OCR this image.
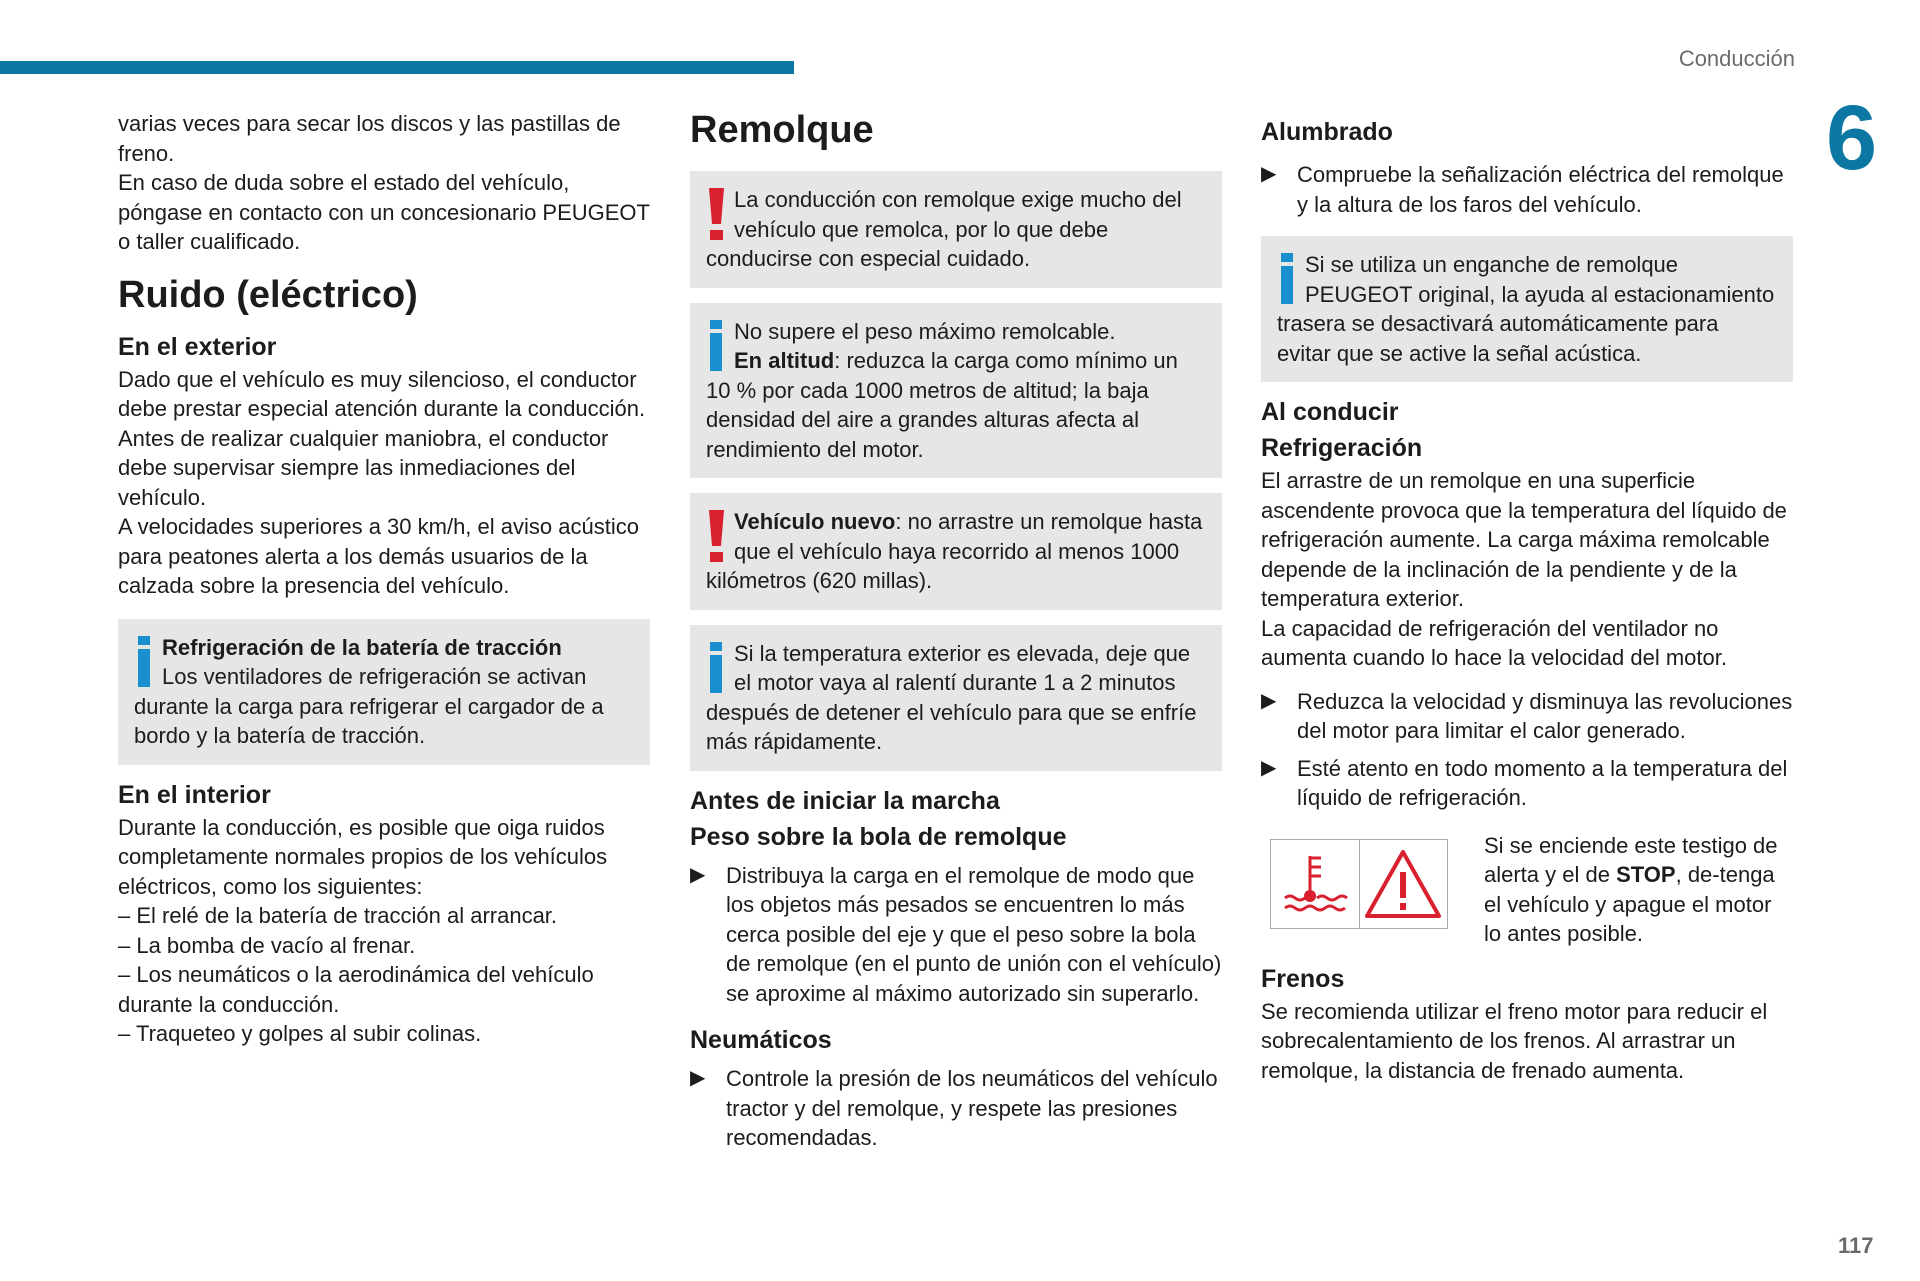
Conducción
6
117

varias veces para secar los discos y las pastillas de freno.

En caso de duda sobre el estado del vehículo, póngase en contacto con un concesionario PEUGEOT o taller cualificado.

Ruido (eléctrico)
En el exterior

Dado que el vehículo es muy silencioso, el conductor debe prestar especial atención durante la conducción.

Antes de realizar cualquier maniobra, el conductor debe supervisar siempre las inmediaciones del vehículo.

A velocidades superiores a 30 km/h, el aviso acústico para peatones alerta a los demás usuarios de la calzada sobre la presencia del vehículo.

Refrigeración de la batería de tracción
Los ventiladores de refrigeración se activan durante la carga para refrigerar el cargador de a bordo y la batería de tracción.
En el interior

Durante la conducción, es posible que oiga ruidos completamente normales propios de los vehículos eléctricos, como los siguientes:

– El relé de la batería de tracción al arrancar.

– La bomba de vacío al frenar.

– Los neumáticos o la aerodinámica del vehículo durante la conducción.

– Traqueteo y golpes al subir colinas.

Remolque
La conducción con remolque exige mucho del vehículo que remolca, por lo que debe conducirse con especial cuidado.
No supere el peso máximo remolcable.
En altitud: reduzca la carga como mínimo un 10 % por cada 1000 metros de altitud; la baja densidad del aire a grandes alturas afecta al rendimiento del motor.
Vehículo nuevo: no arrastre un remolque hasta que el vehículo haya recorrido al menos 1000 kilómetros (620 millas).
Si la temperatura exterior es elevada, deje que el motor vaya al ralentí durante 1 a 2 minutos después de detener el vehículo para que se enfríe más rápidamente.
Antes de iniciar la marcha
Peso sobre la bola de remolque
▶ Distribuya la carga en el remolque de modo que los objetos más pesados se encuentren lo más cerca posible del eje y que el peso sobre la bola de remolque (en el punto de unión con el vehículo) se aproxime al máximo autorizado sin superarlo.
Neumáticos
▶ Controle la presión de los neumáticos del vehículo tractor y del remolque, y respete las presiones recomendadas.
Alumbrado
▶ Compruebe la señalización eléctrica del remolque y la altura de los faros del vehículo.
Si se utiliza un enganche de remolque PEUGEOT original, la ayuda al estacionamiento trasera se desactivará automáticamente para evitar que se active la señal acústica.
Al conducir
Refrigeración

El arrastre de un remolque en una superficie ascendente provoca que la temperatura del líquido de refrigeración aumente. La carga máxima remolcable depende de la inclinación de la pendiente y de la temperatura exterior.

La capacidad de refrigeración del ventilador no aumenta cuando lo hace la velocidad del motor.

▶ Reduzca la velocidad y disminuya las revoluciones del motor para limitar el calor generado.
▶ Esté atento en todo momento a la temperatura del líquido de refrigeración.

Si se enciende este testigo de alerta y el de STOP, de-tenga el vehículo y apague el motor lo antes posible.

Frenos

Se recomienda utilizar el freno motor para reducir el sobrecalentamiento de los frenos. Al arrastrar un remolque, la distancia de frenado aumenta.
